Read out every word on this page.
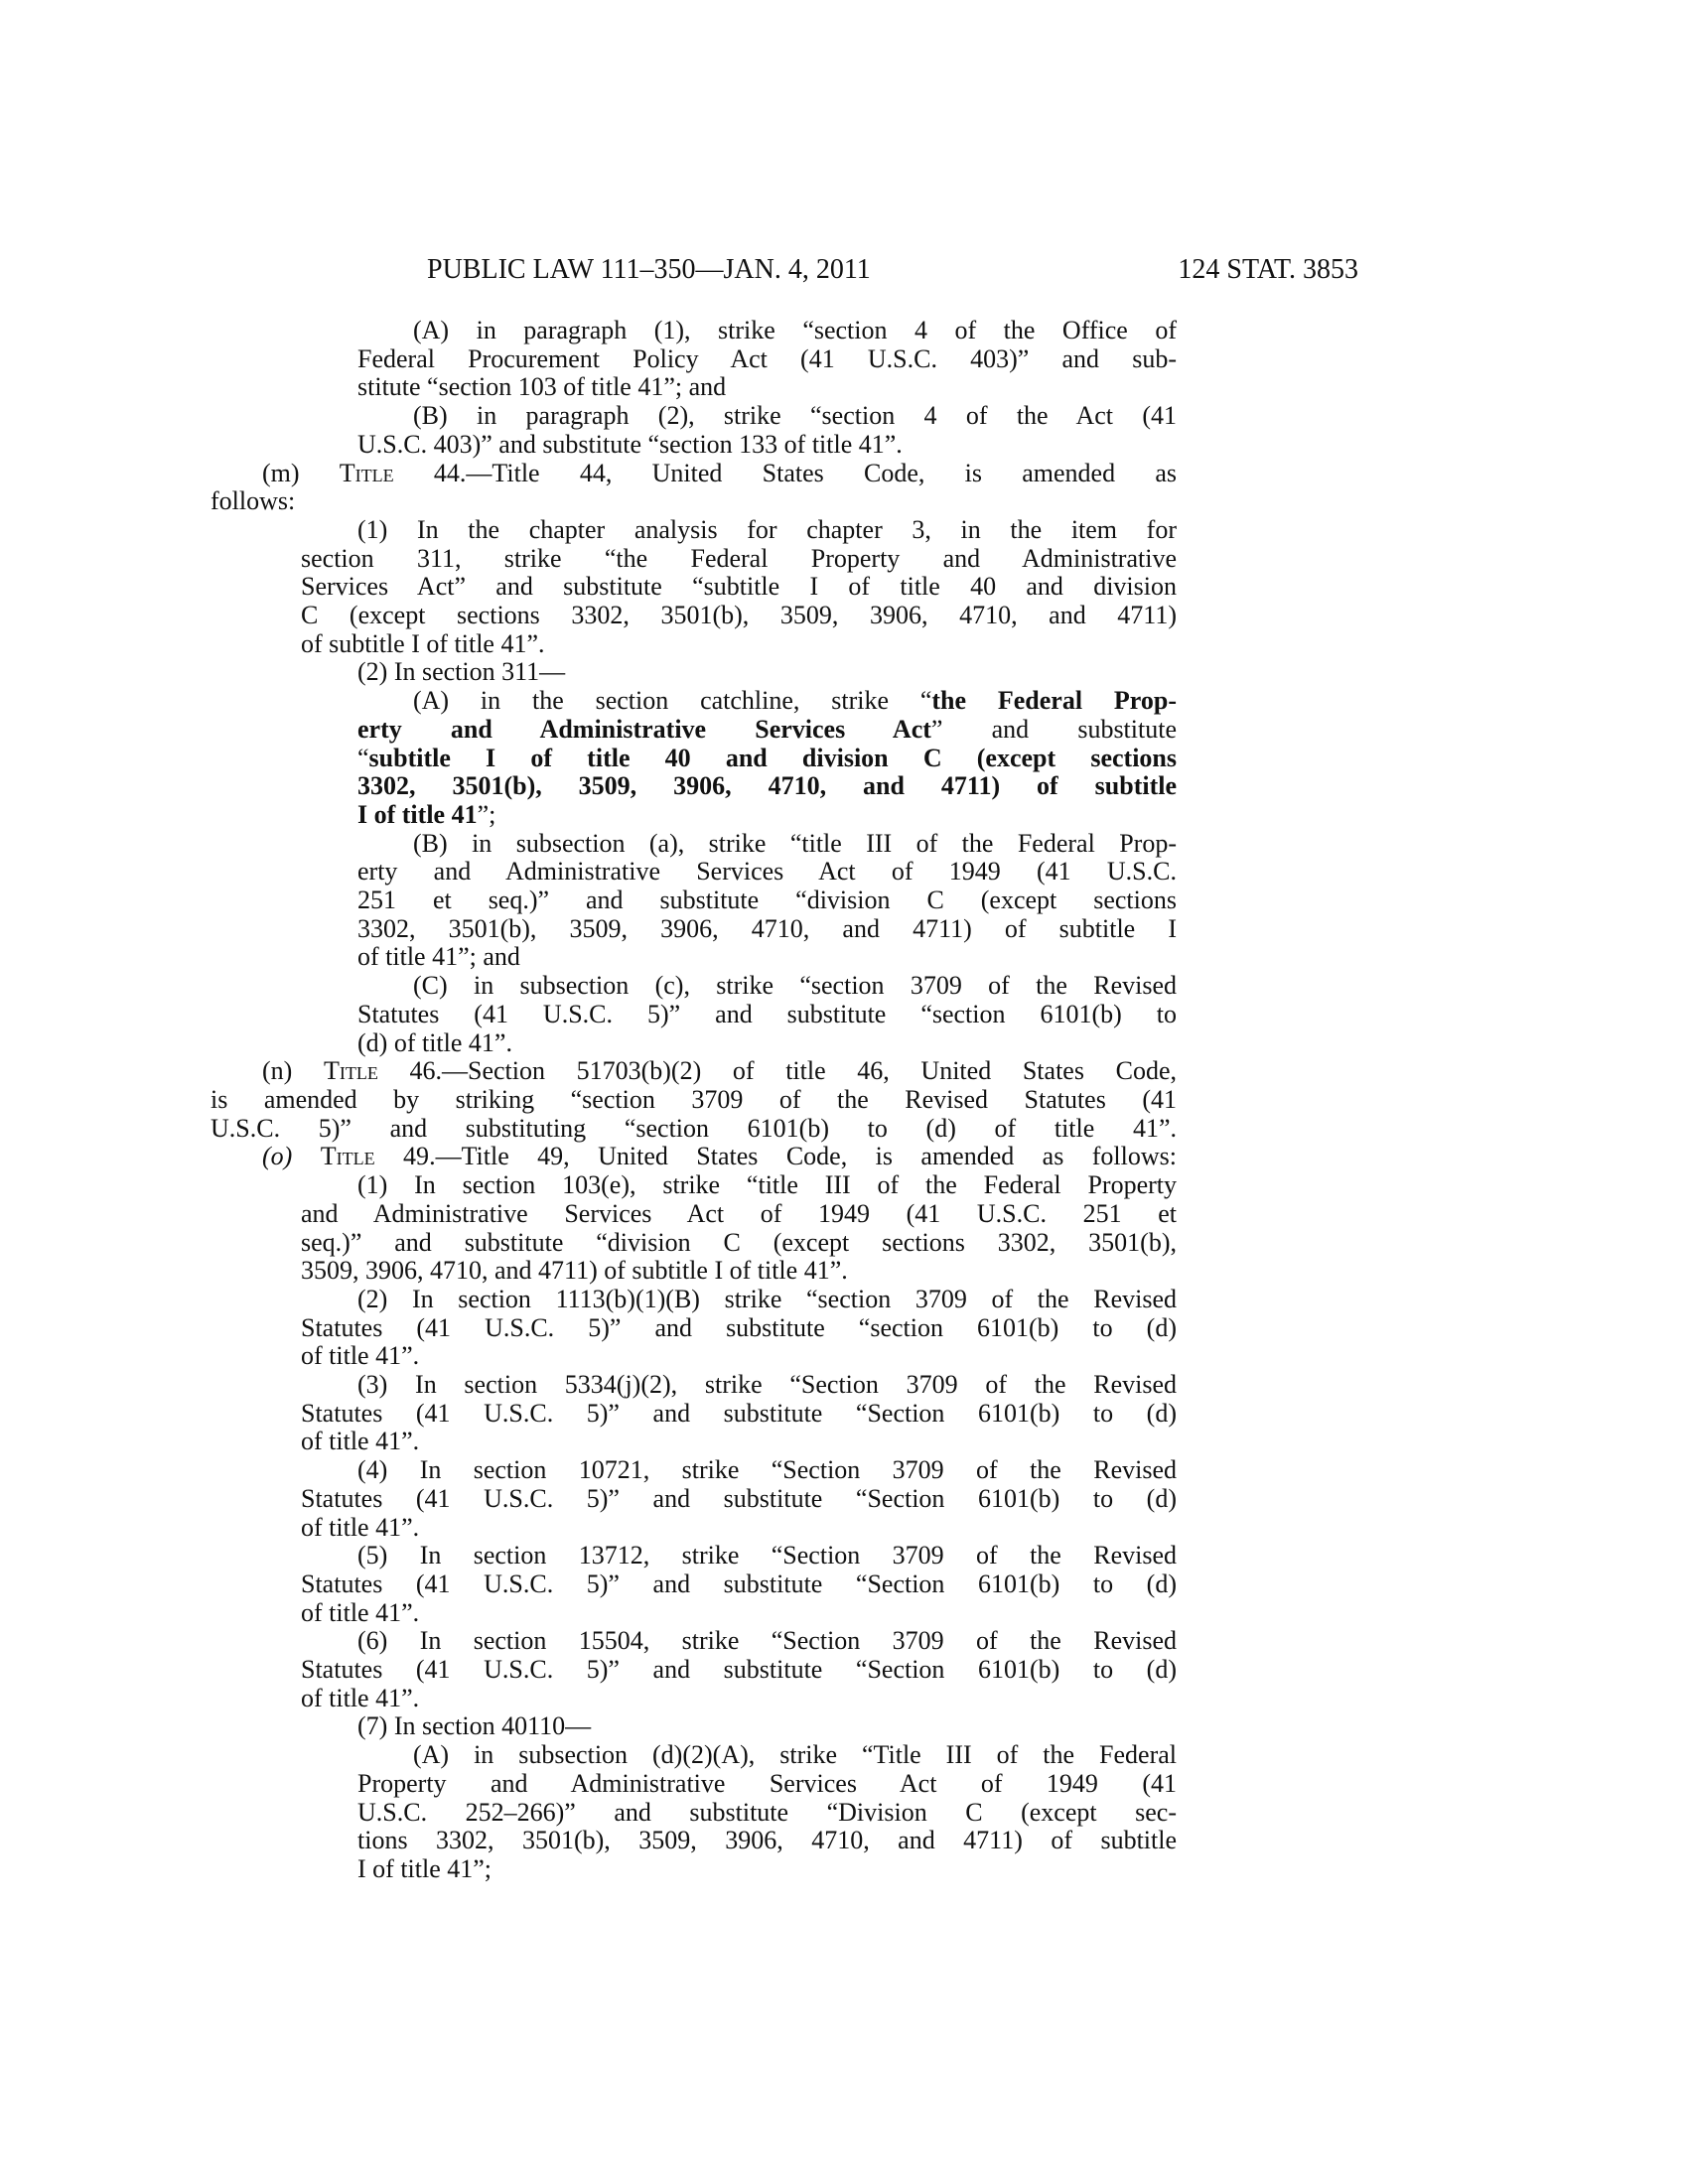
PUBLIC LAW 111–350—JAN. 4, 2011	124 STAT. 3853
(A) in paragraph (1), strike “section 4 of the Office of
Federal Procurement Policy Act (41 U.S.C. 403)” and sub-
stitute “section 103 of title 41”; and
(B) in paragraph (2), strike “section 4 of the Act (41
U.S.C. 403)” and substitute “section 133 of title 41”.
(m) Title 44.—Title 44, United States Code, is amended as
follows:
(1) In the chapter analysis for chapter 3, in the item for
section 311, strike “the Federal Property and Administrative
Services Act” and substitute “subtitle I of title 40 and division
C (except sections 3302, 3501(b), 3509, 3906, 4710, and 4711)
of subtitle I of title 41”.
(2) In section 311—
(A) in the section catchline, strike “the Federal Prop-
erty and Administrative Services Act” and substitute
“subtitle I of title 40 and division C (except sections
3302, 3501(b), 3509, 3906, 4710, and 4711) of subtitle
I of title 41”;
(B) in subsection (a), strike “title III of the Federal Prop-
erty and Administrative Services Act of 1949 (41 U.S.C.
251 et seq.)” and substitute “division C (except sections
3302, 3501(b), 3509, 3906, 4710, and 4711) of subtitle I
of title 41”; and
(C) in subsection (c), strike “section 3709 of the Revised
Statutes (41 U.S.C. 5)” and substitute “section 6101(b) to
(d) of title 41”.
(n) Title 46.—Section 51703(b)(2) of title 46, United States Code,
is amended by striking “section 3709 of the Revised Statutes (41
U.S.C. 5)” and substituting “section 6101(b) to (d) of title 41”.
(o) Title 49.—Title 49, United States Code, is amended as follows:
(1) In section 103(e), strike “title III of the Federal Property
and Administrative Services Act of 1949 (41 U.S.C. 251 et
seq.)” and substitute “division C (except sections 3302, 3501(b),
3509, 3906, 4710, and 4711) of subtitle I of title 41”.
(2) In section 1113(b)(1)(B) strike “section 3709 of the Revised
Statutes (41 U.S.C. 5)” and substitute “section 6101(b) to (d)
of title 41”.
(3) In section 5334(j)(2), strike “Section 3709 of the Revised
Statutes (41 U.S.C. 5)” and substitute “Section 6101(b) to (d)
of title 41”.
(4) In section 10721, strike “Section 3709 of the Revised
Statutes (41 U.S.C. 5)” and substitute “Section 6101(b) to (d)
of title 41”.
(5) In section 13712, strike “Section 3709 of the Revised
Statutes (41 U.S.C. 5)” and substitute “Section 6101(b) to (d)
of title 41”.
(6) In section 15504, strike “Section 3709 of the Revised
Statutes (41 U.S.C. 5)” and substitute “Section 6101(b) to (d)
of title 41”.
(7) In section 40110—
(A) in subsection (d)(2)(A), strike “Title III of the Federal
Property and Administrative Services Act of 1949 (41
U.S.C. 252–266)” and substitute “Division C (except sec-
tions 3302, 3501(b), 3509, 3906, 4710, and 4711) of subtitle
I of title 41”;
